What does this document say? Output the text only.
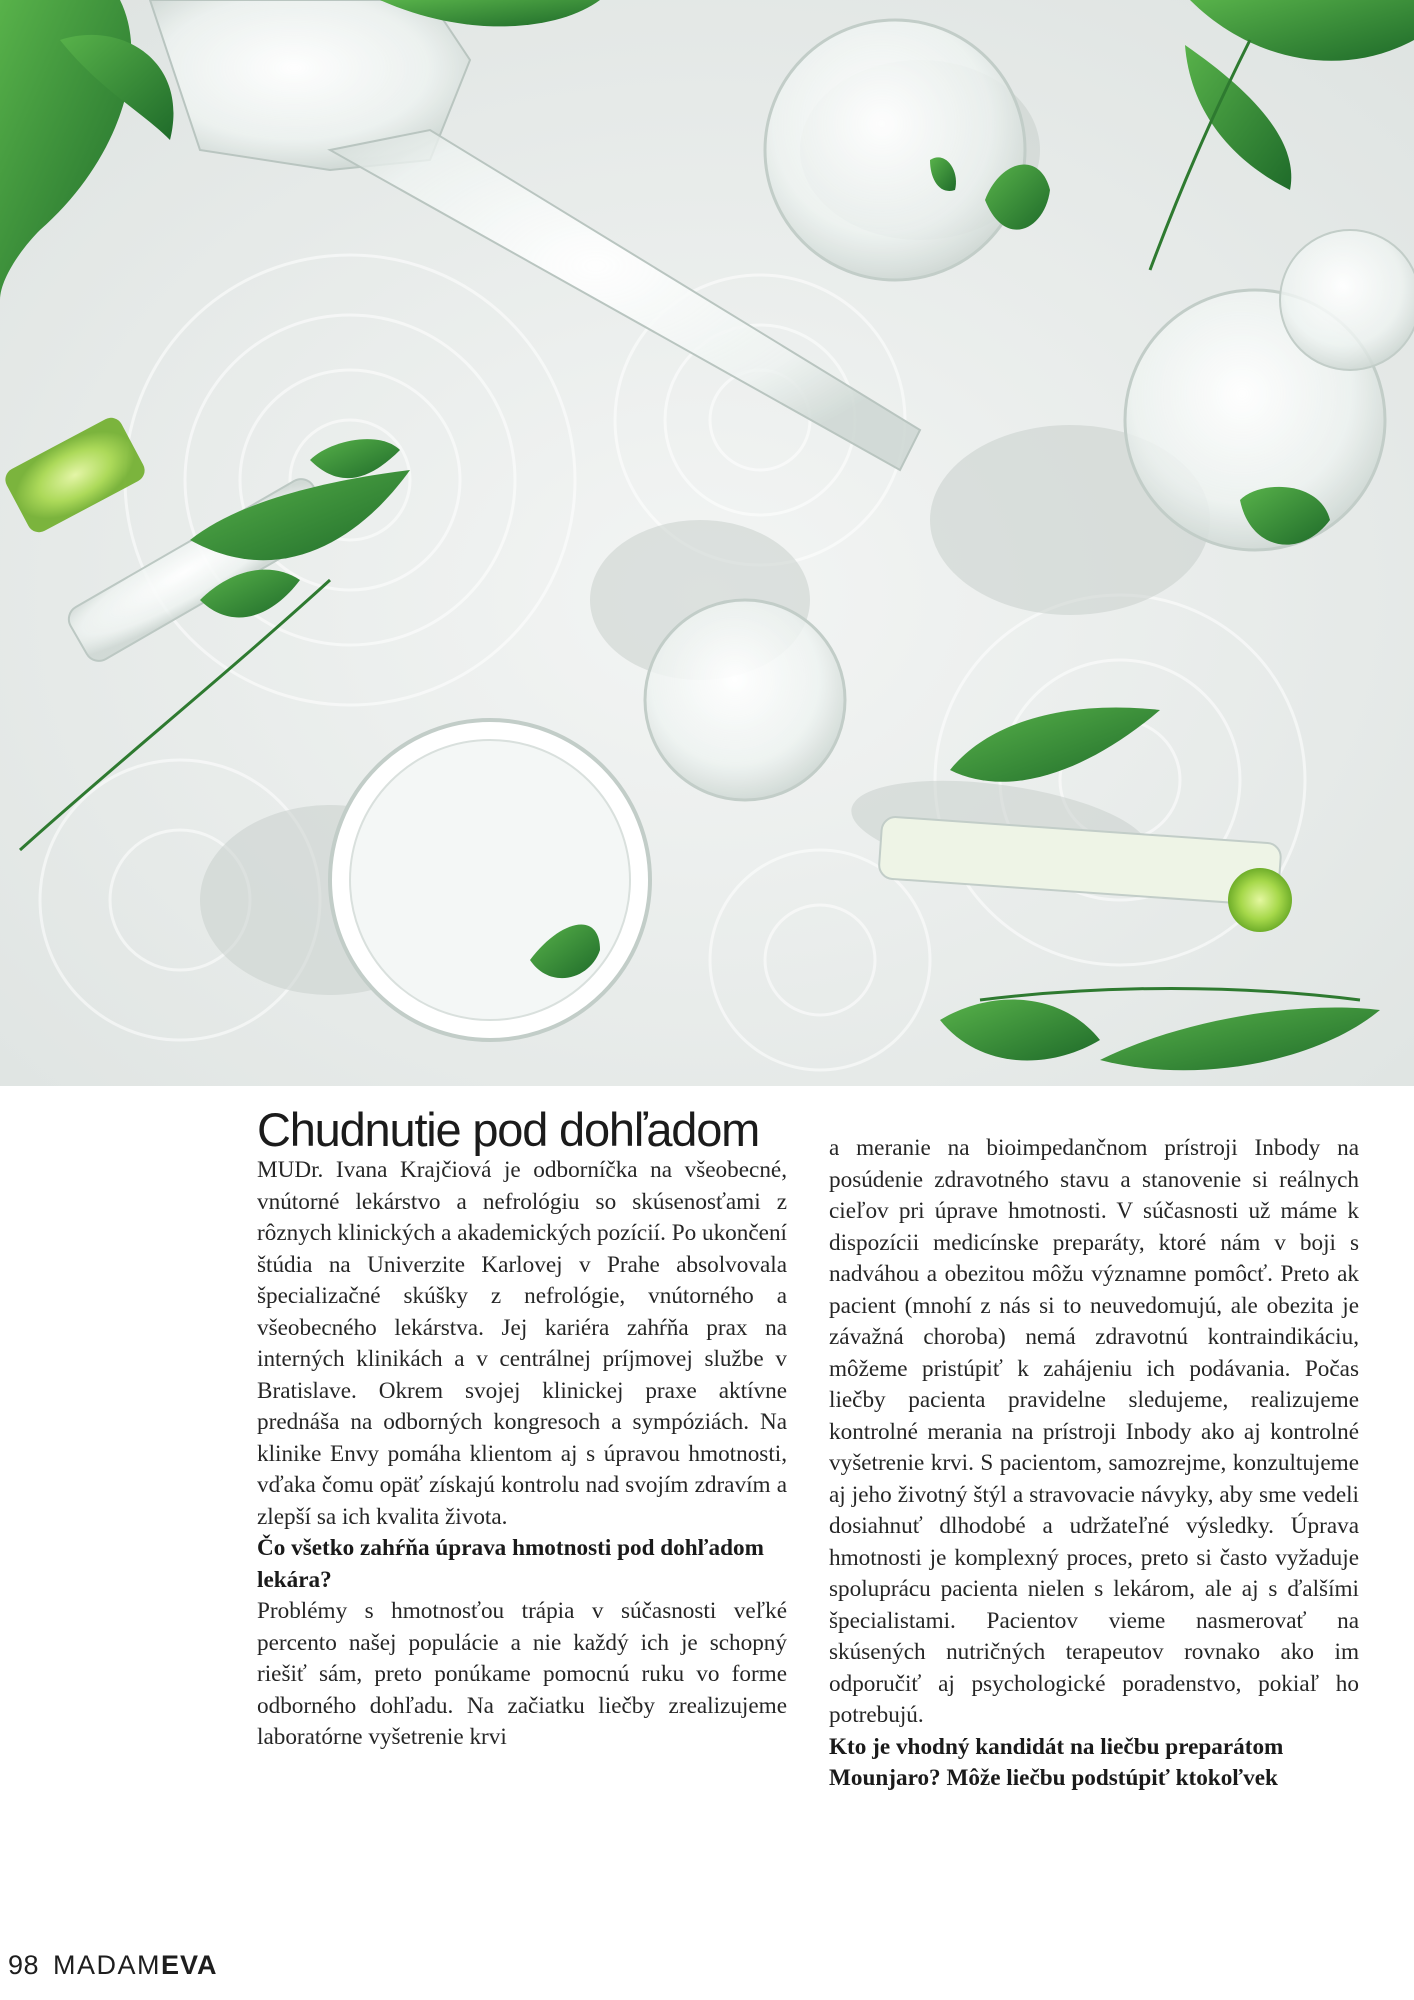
Chudnutie pod dohľadom

MUDr. Ivana Krajčiová je odborníčka na všeobecné, vnútorné lekárstvo a nefrológiu so skúsenosťami z rôznych klinických a akademických pozícií. Po ukončení štúdia na Univerzite Karlovej v Prahe absolvovala špecializačné skúšky z nefrológie, vnútorného a všeobecného lekárstva. Jej kariéra zahŕňa prax na interných klinikách a v centrálnej príjmovej službe v Bratislave. Okrem svojej klinickej praxe aktívne prednáša na odborných kongresoch a sympóziách. Na klinike Envy pomáha klientom aj s úpravou hmotnosti, vďaka čomu opäť získajú kontrolu nad svojím zdravím a zlepší sa ich kvalita života.

Čo všetko zahŕňa úprava hmotnosti pod dohľadom lekára?

Problémy s hmotnosťou trápia v súčasnosti veľké percento našej populácie a nie každý ich je schopný riešiť sám, preto ponúkame pomocnú ruku vo forme odborného dohľadu. Na začiatku liečby zrealizujeme laboratórne vyšetrenie krvi

a meranie na bioimpedančnom prístroji Inbody na posúdenie zdravotného stavu a stanovenie si reálnych cieľov pri úprave hmotnosti. V súčasnosti už máme k dispozícii medicínske preparáty, ktoré nám v boji s nadváhou a obezitou môžu významne pomôcť. Preto ak pacient (mnohí z nás si to neuvedomujú, ale obezita je závažná choroba) nemá zdravotnú kontraindikáciu, môžeme pristúpiť k zahájeniu ich podávania. Počas liečby pacienta pravidelne sledujeme, realizujeme kontrolné merania na prístroji Inbody ako aj kontrolné vyšetrenie krvi. S pacientom, samozrejme, konzultujeme aj jeho životný štýl a stravovacie návyky, aby sme vedeli dosiahnuť dlhodobé a udržateľné výsledky. Úprava hmotnosti je komplexný proces, preto si často vyžaduje spoluprácu pacienta nielen s lekárom, ale aj s ďalšími špecialistami. Pacientov vieme nasmerovať na skúsených nutričných terapeutov rovnako ako im odporučiť aj psychologické poradenstvo, pokiaľ ho potrebujú.

Kto je vhodný kandidát na liečbu preparátom Mounjaro? Môže liečbu podstúpiť ktokoľvek

98 MADAM EVA
